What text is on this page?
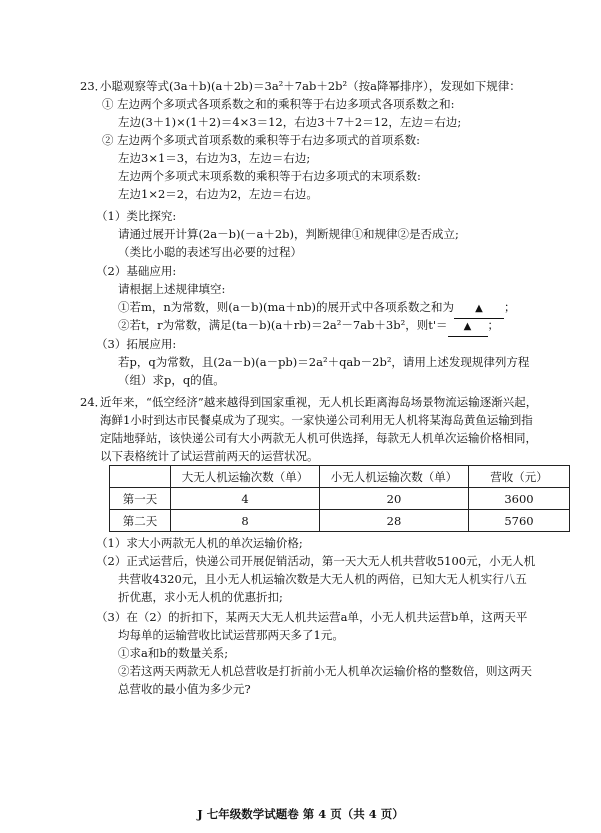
23．
小聪观察等式(3a＋b)(a＋2b)＝3a²＋7ab＋2b²（按a降幂排序），发现如下规律：
① 左边两个多项式各项系数之和的乘积等于右边多项式各项系数之和:
左边(3＋1)×(1＋2)＝4×3＝12，右边3＋7＋2＝12，左边＝右边;
② 左边两个多项式首项系数的乘积等于右边多项式的首项系数:
左边3×1＝3，右边为3，左边＝右边;
左边两个多项式末项系数的乘积等于右边多项式的末项系数:
左边1×2＝2，右边为2，左边＝右边。
（1）类比探究:
请通过展开计算(2a－b)(－a＋2b)，判断规律①和规律②是否成立;
（类比小聪的表述写出必要的过程）
（2）基础应用:
请根据上述规律填空:
①若m，n为常数，则(a－b)(ma＋nb)的展开式中各项系数之和为 ▲ ；
②若t，r为常数，满足(ta－b)(a＋rb)＝2a²－7ab＋3b²，则t'＝ ▲ ；
（3）拓展应用:
若p，q为常数，且(2a－b)(a－pb)＝2a²＋qab－2b²，请用上述发现规律列方程
（组）求p，q的值。
24．
近年来，“低空经济”越来越得到国家重视，无人机长距离海岛场景物流运输逐渐兴起，
海鲜1小时到达市民餐桌成为了现实。一家快递公司利用无人机将某海岛黄鱼运输到指
定陆地驿站，该快递公司有大小两款无人机可供选择，每款无人机单次运输价格相同，
以下表格统计了试运营前两天的运营状况。
	大无人机运输次数（单）	小无人机运输次数（单）	营收（元）
第一天	4	20	3600
第二天	8	28	5760
（1）求大小两款无人机的单次运输价格;
（2）正式运营后，快递公司开展促销活动，第一天大无人机共营收5100元，小无人机
共营收4320元，且小无人机运输次数是大无人机的两倍，已知大无人机实行八五
折优惠，求小无人机的优惠折扣;
（3）在（2）的折扣下，某两天大无人机共运营a单，小无人机共运营b单，这两天平
均每单的运输营收比试运营那两天多了1元。
①求a和b的数量关系;
②若这两天两款无人机总营收是打折前小无人机单次运输价格的整数倍，则这两天
总营收的最小值为多少元?
J 七年级数学试题卷 第 4 页（共 4 页）
